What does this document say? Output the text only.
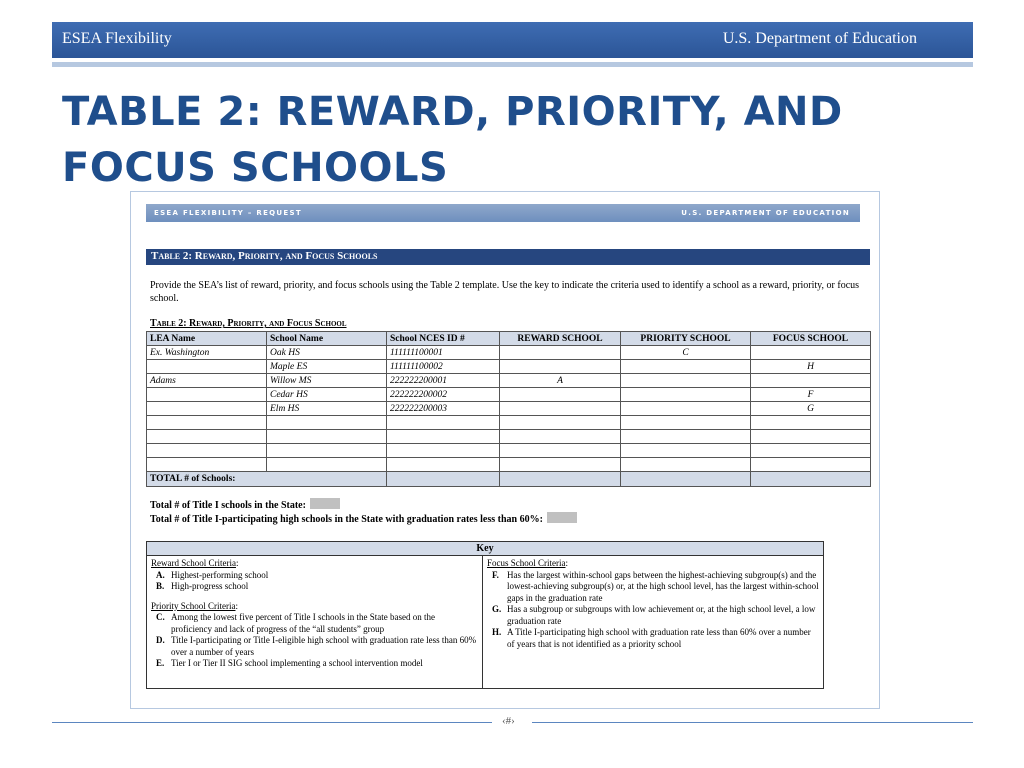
ESEA Flexibility	U.S. Department of Education
TABLE 2: REWARD, PRIORITY, AND FOCUS SCHOOLS
ESEA FLEXIBILITY – REQUEST	U.S. DEPARTMENT OF EDUCATION
Table 2: Reward, Priority, and Focus Schools
Provide the SEA’s list of reward, priority, and focus schools using the Table 2 template. Use the key to indicate the criteria used to identify a school as a reward, priority, or focus school.
Table 2: Reward, Priority, and Focus School
LEA Name	School Name	School NCES ID #	REWARD SCHOOL	PRIORITY SCHOOL	FOCUS SCHOOL
Ex. Washington	Oak HS	111111100001		C	
	Maple ES	111111100002			H
Adams	Willow MS	222222200001	A		
	Cedar HS	222222200002			F
	Elm HS	222222200003			G

TOTAL # of Schools:					
Total # of Title I schools in the State:
Total # of Title I-participating high schools in the State with graduation rates less than 60%:
Key
Reward School Criteria:
A. Highest-performing school
B. High-progress school
Priority School Criteria:
C. Among the lowest five percent of Title I schools in the State based on the proficiency and lack of progress of the “all students” group
D. Title I-participating or Title I-eligible high school with graduation rate less than 60% over a number of years
E. Tier I or Tier II SIG school implementing a school intervention model
Focus School Criteria:
F. Has the largest within-school gaps between the highest-achieving subgroup(s) and the lowest-achieving subgroup(s) or, at the high school level, has the largest within-school gaps in the graduation rate
G. Has a subgroup or subgroups with low achievement or, at the high school level, a low graduation rate
H. A Title I-participating high school with graduation rate less than 60% over a number of years that is not identified as a priority school
‹#›
